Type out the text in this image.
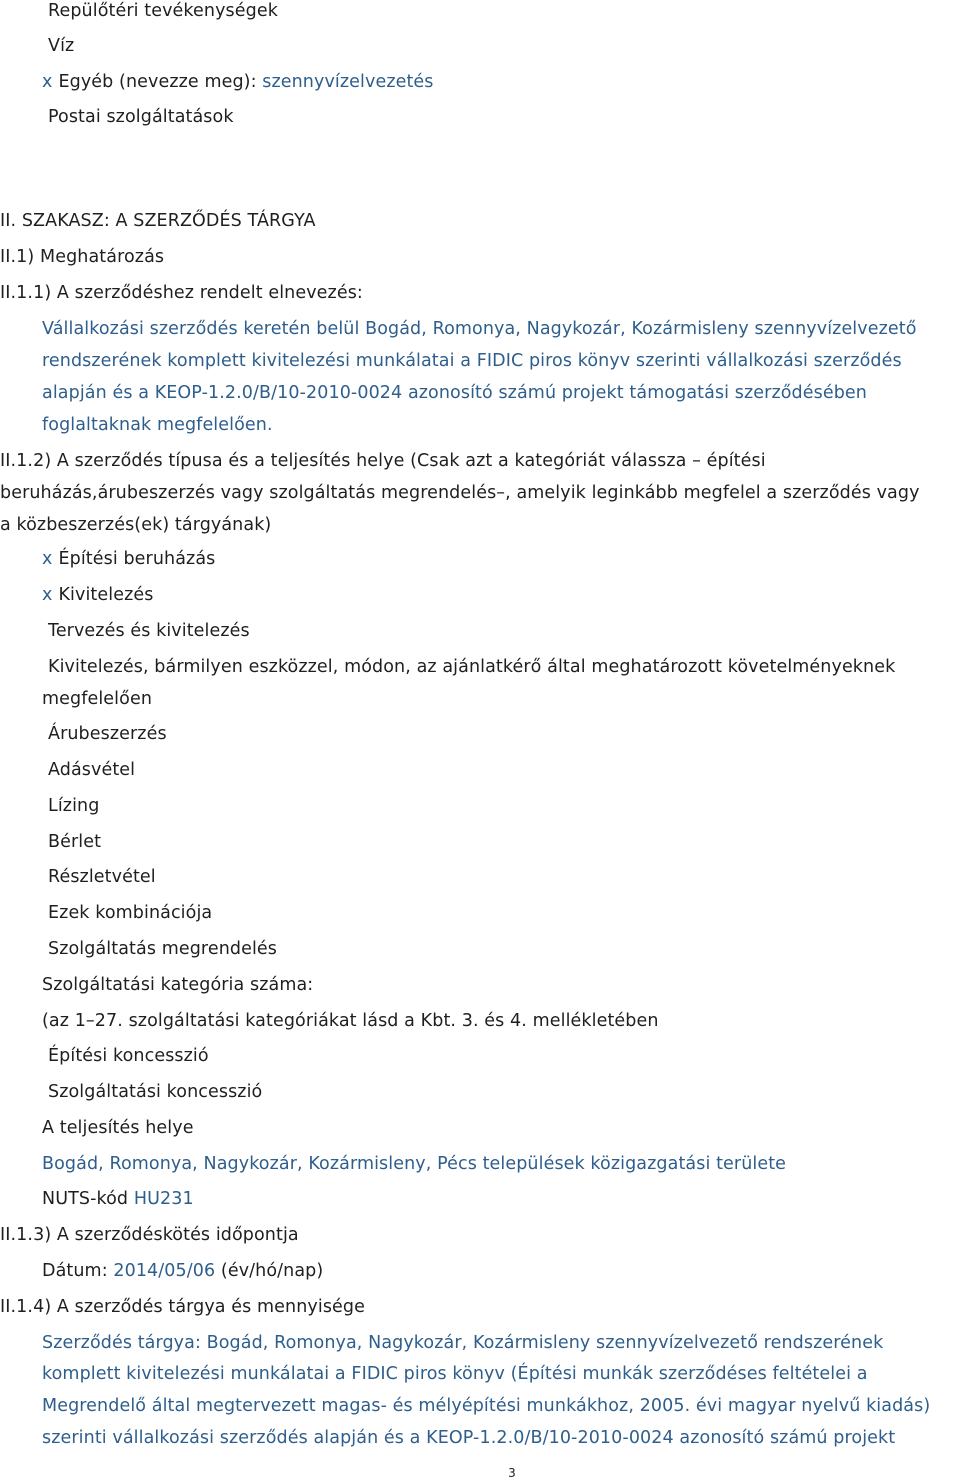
Repülőtéri tevékenységek
Víz
x Egyéb (nevezze meg): szennyvízelvezetés
Postai szolgáltatások
II. SZAKASZ: A SZERZŐDÉS TÁRGYA
II.1) Meghatározás
II.1.1) A szerződéshez rendelt elnevezés:
Vállalkozási szerződés keretén belül Bogád, Romonya, Nagykozár, Kozármisleny szennyvízelvezető
rendszerének komplett kivitelezési munkálatai a FIDIC piros könyv szerinti vállalkozási szerződés
alapján és a KEOP-1.2.0/B/10-2010-0024 azonosító számú projekt támogatási szerződésében
foglaltaknak megfelelően.
II.1.2) A szerződés típusa és a teljesítés helye (Csak azt a kategóriát válassza – építési
beruházás,árubeszerzés vagy szolgáltatás megrendelés–, amelyik leginkább megfelel a szerződés vagy
a közbeszerzés(ek) tárgyának)
x Építési beruházás
x Kivitelezés
Tervezés és kivitelezés
Kivitelezés, bármilyen eszközzel, módon, az ajánlatkérő által meghatározott követelményeknek
megfelelően
Árubeszerzés
Adásvétel
Lízing
Bérlet
Részletvétel
Ezek kombinációja
Szolgáltatás megrendelés
Szolgáltatási kategória száma:
(az 1–27. szolgáltatási kategóriákat lásd a Kbt. 3. és 4. mellékletében
Építési koncesszió
Szolgáltatási koncesszió
A teljesítés helye
Bogád, Romonya, Nagykozár, Kozármisleny, Pécs települések közigazgatási területe
NUTS-kód HU231
II.1.3) A szerződéskötés időpontja
Dátum: 2014/05/06 (év/hó/nap)
II.1.4) A szerződés tárgya és mennyisége
Szerződés tárgya: Bogád, Romonya, Nagykozár, Kozármisleny szennyvízelvezető rendszerének
komplett kivitelezési munkálatai a FIDIC piros könyv (Építési munkák szerződéses feltételei a
Megrendelő által megtervezett magas- és mélyépítési munkákhoz, 2005. évi magyar nyelvű kiadás)
szerinti vállalkozási szerződés alapján és a KEOP-1.2.0/B/10-2010-0024 azonosító számú projekt
3
